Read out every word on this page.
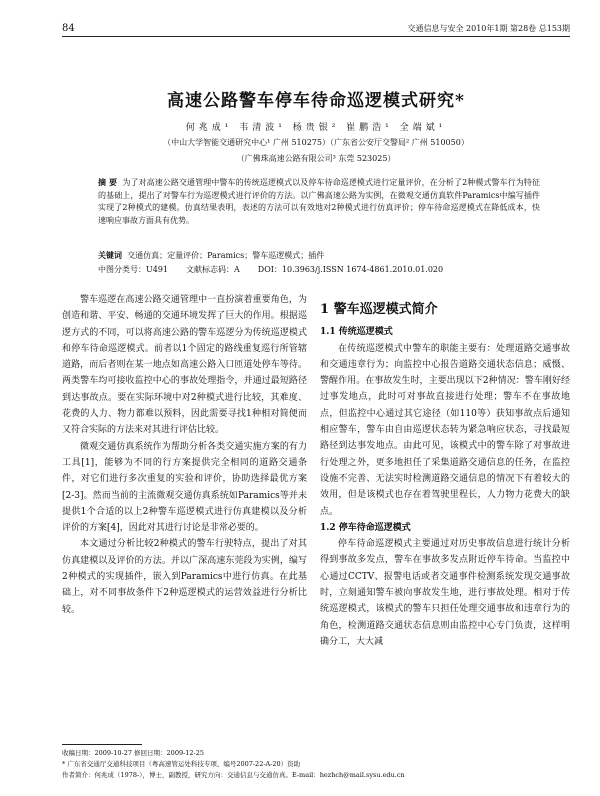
84	交通信息与安全 2010年1期 第28卷 总153期
高速公路警车停车待命巡逻模式研究*
何兆成¹ 韦清波¹ 杨贵银² 崔鹏浩¹ 全端斌¹
（中山大学智能交通研究中心¹ 广州 510275）（广东省公安厅交警局² 广州 510050）
（广佛珠高速公路有限公司³ 东莞 523025）
摘 要 为了对高速公路交通管理中警车的传统巡逻模式以及停车待命巡逻模式进行定量评价，在分析了2种模式警车行为特征的基础上，提出了对警车行为巡逻模式进行评价的方法。以广佛高速公路为实例，在微观交通仿真软件Paramics中编写插件实现了2种模式的建模。仿真结果表明，表述的方法可以有效地对2种模式进行仿真评价；停车待命巡逻模式在降低成本，快速响应事故方面具有优势。
关键词 交通仿真；定量评价；Paramics；警车巡逻模式；插件
中图分类号：U491 文献标志码：A DOI：10.3963/j.ISSN 1674-4861.2010.01.020

警车巡逻在高速公路交通管理中一直扮演着重要角色，为创造和谐、平安、畅通的交通环境发挥了巨大的作用。根据巡逻方式的不同，可以将高速公路的警车巡逻分为传统巡逻模式和停车待命巡逻模式。前者以1个固定的路线重复巡行所管辖道路，而后者则在某一地点如高速公路入口匝道处停车等待。两类警车均可接收监控中心的事故处理指令，并通过最短路径到达事故点。要在实际环境中对2种模式进行比较，其难度、花费的人力、物力都难以预料，因此需要寻找1种相对简便而又符合实际的方法来对其进行评估比较。

微观交通仿真系统作为帮助分析各类交通实施方案的有力工具[1]，能够为不同的行方案提供完全相同的道路交通条件，对它们进行多次重复的实验和评价，协助选择最优方案[2-3]。然而当前的主流微观交通仿真系统如Paramics等并未提供1个合适的以上2种警车巡逻模式进行仿真建模以及分析评价的方案[4]，因此对其进行讨论是非常必要的。

本文通过分析比较2种模式的警车行驶特点，提出了对其仿真建模以及评价的方法。并以广深高速东莞段为实例，编写2种模式的实现插件，嵌入到Paramics中进行仿真。在此基础上，对不同事故条件下2种巡逻模式的运营效益进行分析比较。

1 警车巡逻模式简介
1.1 传统巡逻模式

在传统巡逻模式中警车的职能主要有：处理道路交通事故和交通违章行为；向监控中心报告道路交通状态信息；威慑、警醒作用。在事故发生时，主要出现以下2种情况：警车刚好经过事发地点，此时可对事故直接进行处理；警车不在事故地点，但监控中心通过其它途径（如110等）获知事故点后通知相应警车，警车由自由巡逻状态转为紧急响应状态，寻找最短路径到达事发地点。由此可见，该模式中的警车除了对事故进行处理之外，更多地担任了采集道路交通信息的任务，在监控设施不完善、无法实时检测道路交通信息的情况下有着较大的效用，但是该模式也存在着驾驶里程长，人力物力花费大的缺点。

1.2 停车待命巡逻模式

停车待命巡逻模式主要通过对历史事故信息进行统计分析得到事故多发点，警车在事故多发点附近停车待命。当监控中心通过CCTV、报警电话或者交通事件检测系统发现交通事故时，立刻通知警车被向事故发生地，进行事故处理。相对于传统巡逻模式，该模式的警车只担任处理交通事故和违章行为的角色，检测道路交通状态信息则由监控中心专门负责，这样明确分工，大大减

收稿日期：2009-10-27 修回日期：2009-12-25
* 广东省交通厅交通科技项目（粤高速管运处科技专项、编号2007-22-A-20）资助
作者简介：何兆成（1978-），博士，副教授，研究方向：交通信息与交通仿真。E-mail：hezhch@mail.sysu.edu.cn
